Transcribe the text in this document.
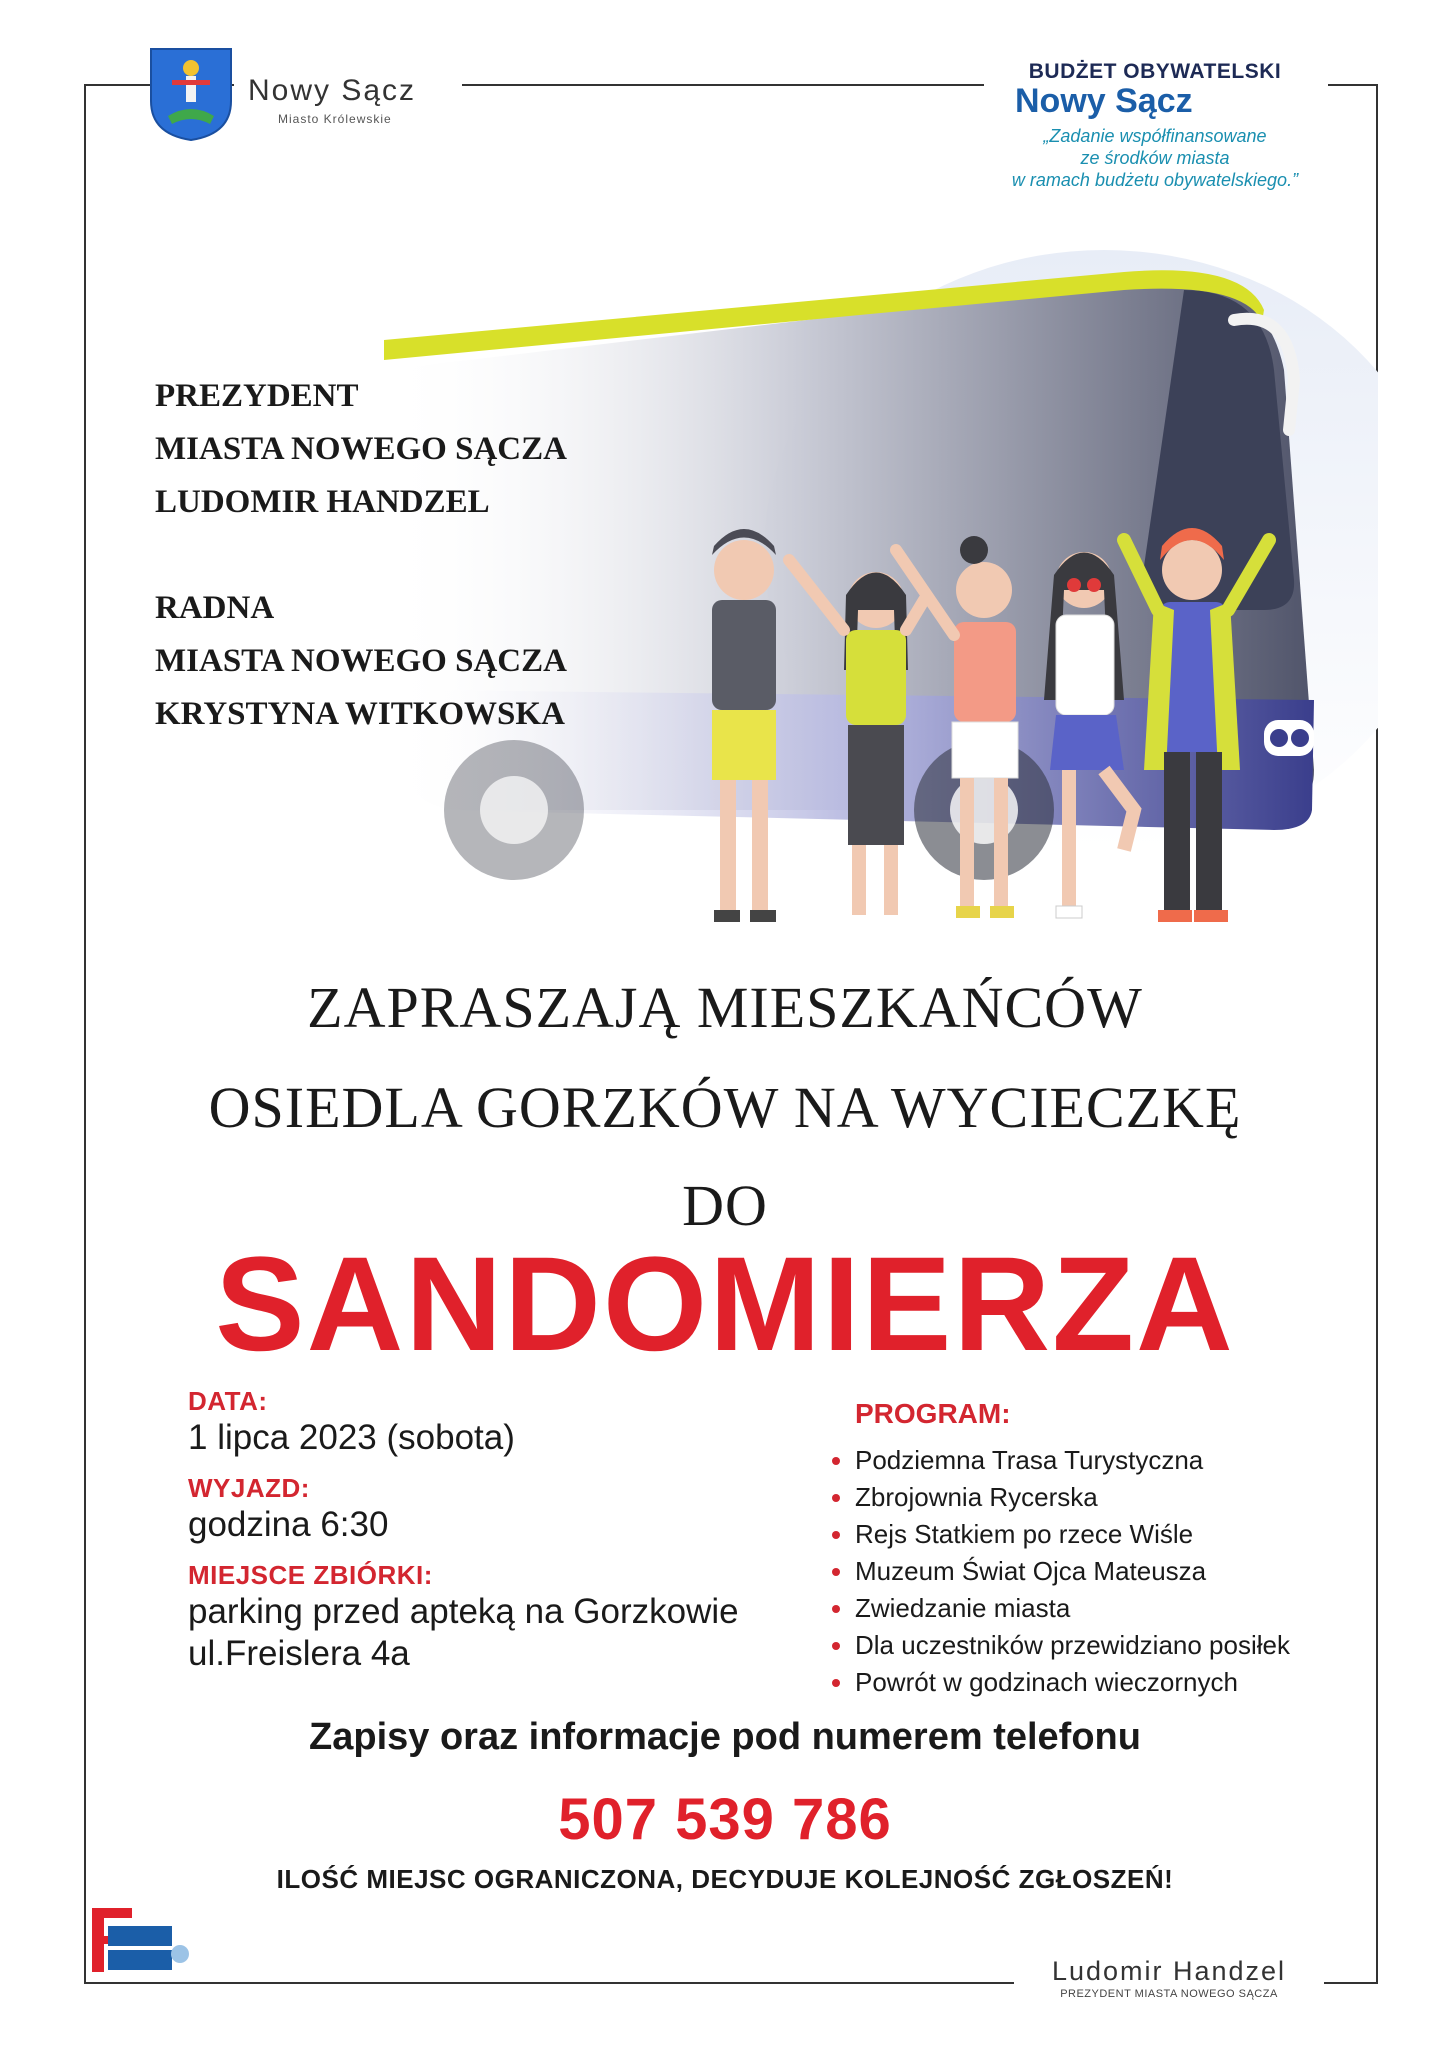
Nowy Sącz
Miasto Królewskie
BUDŻET OBYWATELSKI
Nowy Sącz
„Zadanie współfinansowane
ze środków miasta
w ramach budżetu obywatelskiego.”
PREZYDENT
MIASTA NOWEGO SĄCZA
LUDOMIR HANDZEL
RADNA
MIASTA NOWEGO SĄCZA
KRYSTYNA WITKOWSKA
ZAPRASZAJĄ MIESZKAŃCÓW
OSIEDLA GORZKÓW NA WYCIECZKĘ
DO
SANDOMIERZA
DATA:
1 lipca 2023 (sobota)
WYJAZD:
godzina 6:30
MIEJSCE ZBIÓRKI:
parking przed apteką na Gorzkowie
ul.Freislera 4a
PROGRAM:
Podziemna Trasa Turystyczna
Zbrojownia Rycerska
Rejs Statkiem po rzece Wiśle
Muzeum Świat Ojca Mateusza
Zwiedzanie miasta
Dla uczestników przewidziano posiłek
Powrót w godzinach wieczornych
Zapisy oraz informacje pod numerem telefonu
507 539 786
ILOŚĆ MIEJSC OGRANICZONA, DECYDUJE KOLEJNOŚĆ ZGŁOSZEŃ!
Ludomir Handzel
PREZYDENT MIASTA NOWEGO SĄCZA
